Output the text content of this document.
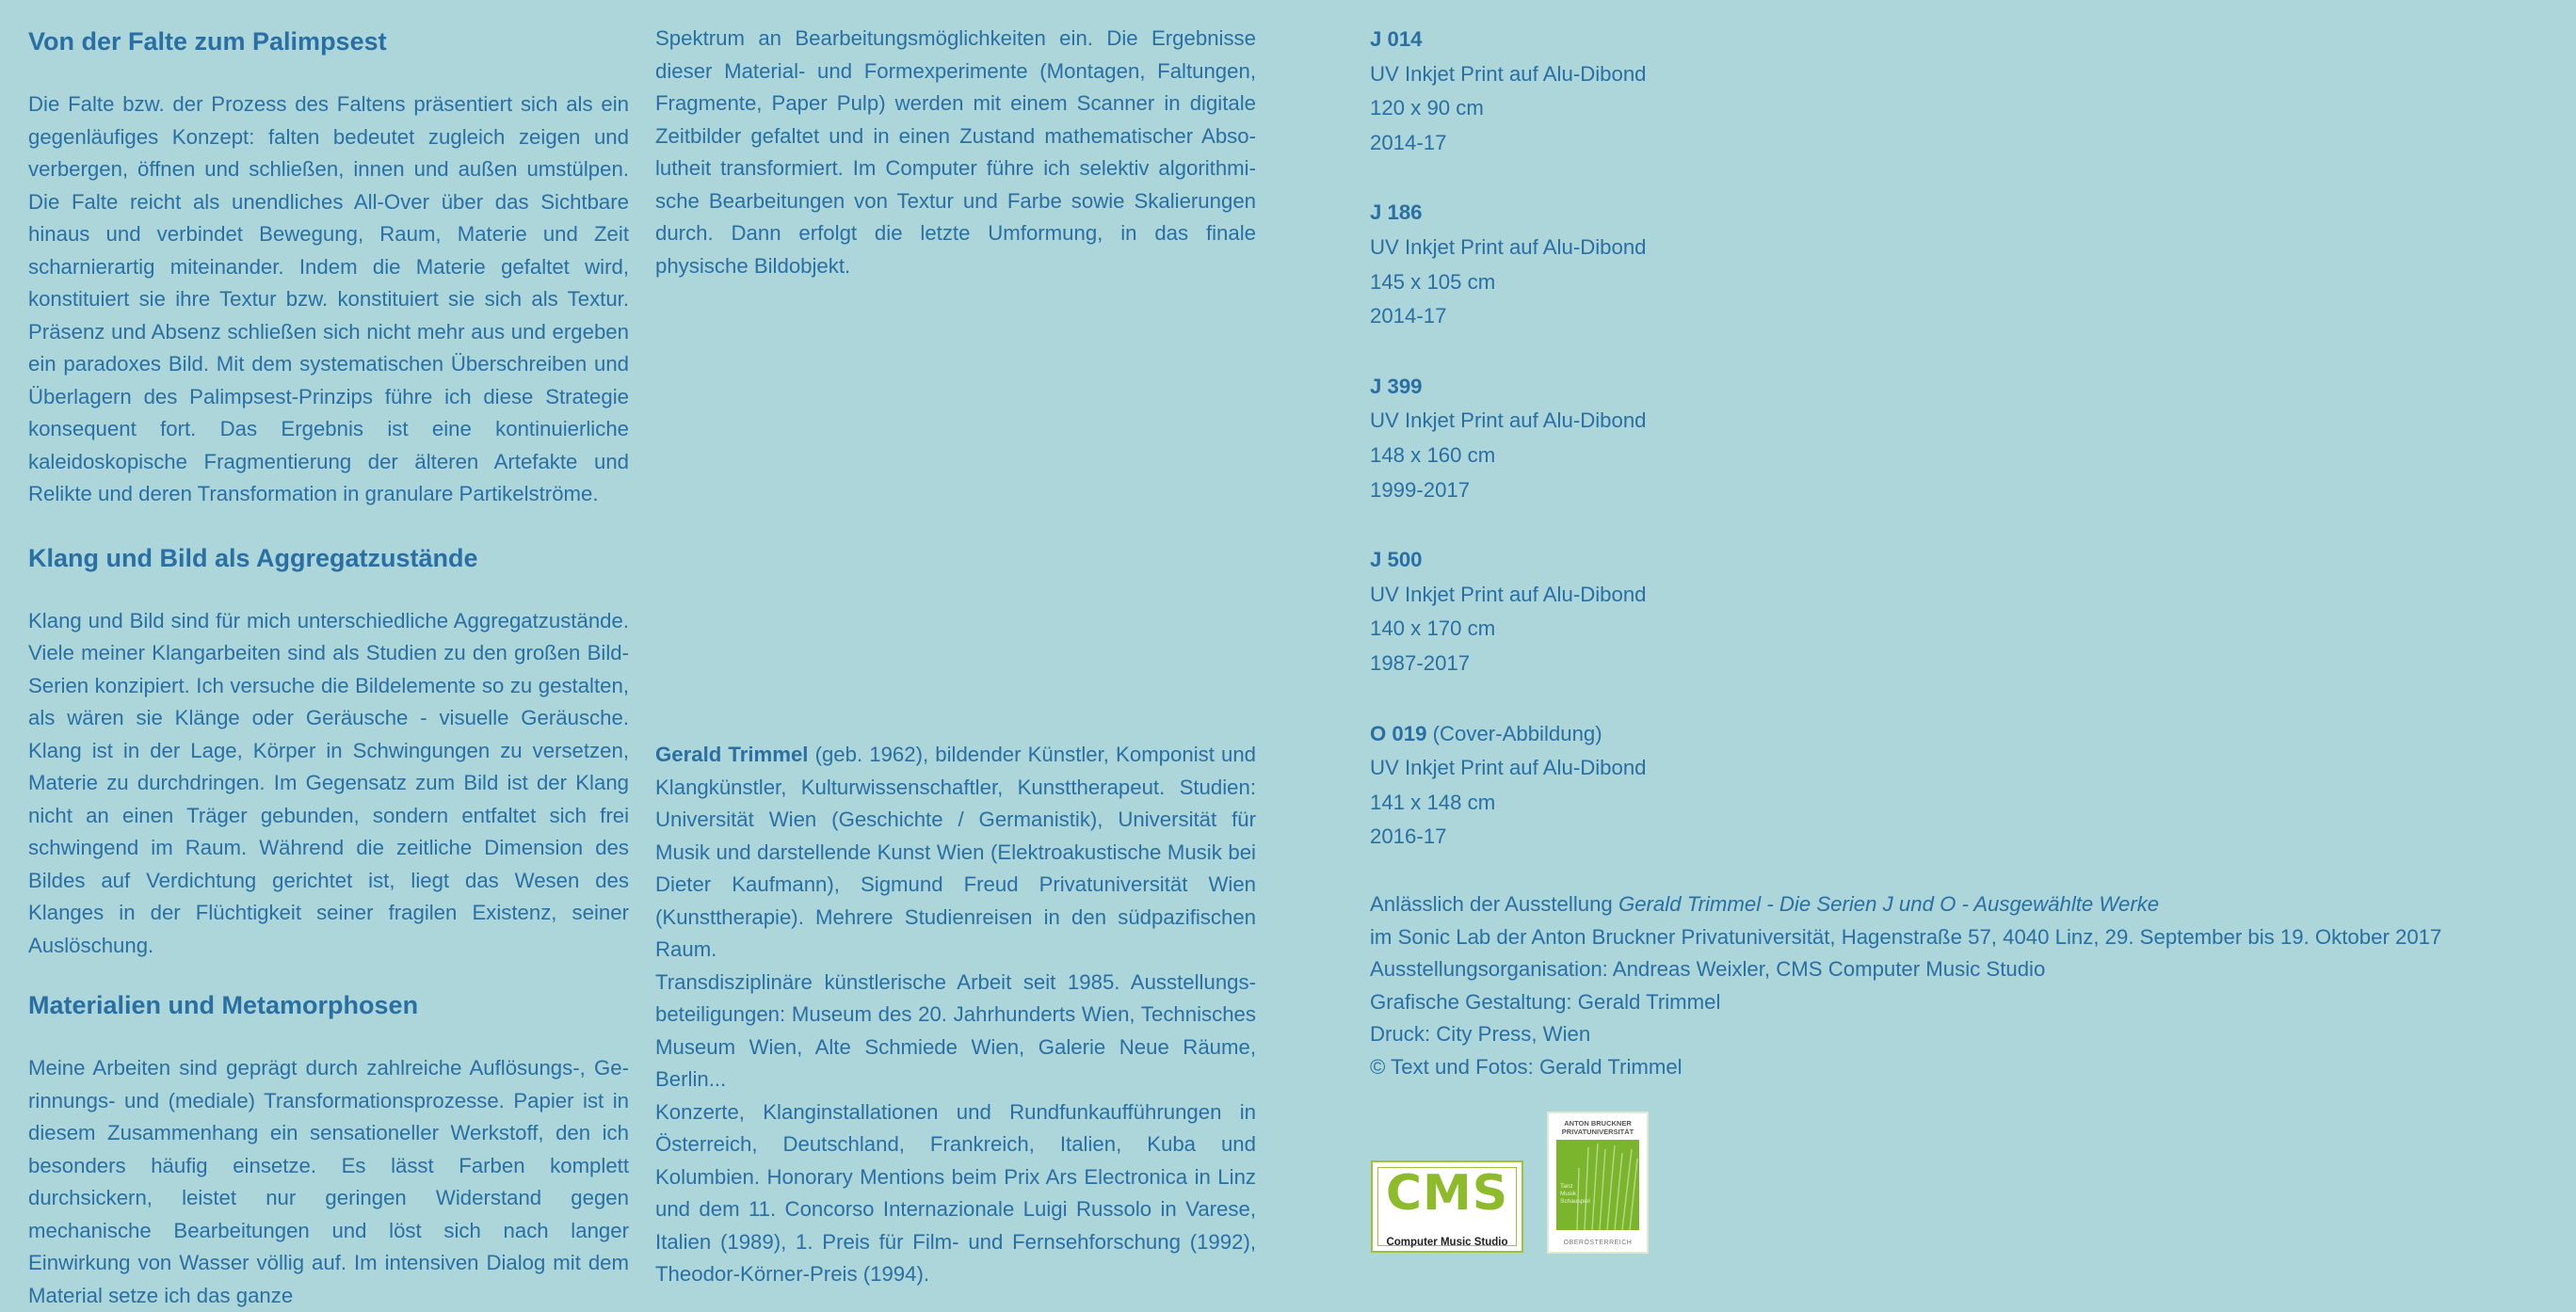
Von der Falte zum Palimpsest

Die Falte bzw. der Prozess des Faltens präsentiert sich als ein gegenläufiges Konzept: falten bedeutet zugleich zeigen und verbergen, öffnen und schließen, innen und außen umstülpen. Die Falte reicht als unendliches All-Over über das Sichtbare hinaus und verbindet Bewegung, Raum, Materie und Zeit scharnierartig miteinander. Indem die Materie gefaltet wird, konstituiert sie ihre Textur bzw. konstituiert sie sich als Textur. Präsenz und Absenz schließen sich nicht mehr aus und ergeben ein paradoxes Bild. Mit dem systematischen Überschreiben und Überlagern des Palimpsest-Prinzips führe ich diese Strategie konsequent fort. Das Ergebnis ist eine kontinuierliche kaleidoskopische Fragmentierung der älteren Artefakte und Relikte und deren Transformation in granulare Partikelströme.

Klang und Bild als Aggregatzustände

Klang und Bild sind für mich unterschiedliche Aggregatzustände. Viele meiner Klangarbeiten sind als Studien zu den großen Bild-Serien konzipiert. Ich versuche die Bildelemente so zu gestalten, als wären sie Klänge oder Geräusche - visuelle Geräusche. Klang ist in der Lage, Körper in Schwingungen zu versetzen, Materie zu durchdringen. Im Gegensatz zum Bild ist der Klang nicht an einen Träger gebunden, sondern entfaltet sich frei schwingend im Raum. Während die zeitliche Dimension des Bildes auf Verdichtung gerichtet ist, liegt das Wesen des Klanges in der Flüchtigkeit seiner fragilen Existenz, seiner Auslöschung.

Materialien und Metamorphosen

Meine Arbeiten sind geprägt durch zahlreiche Auflösungs-, Gerinnungs- und (mediale) Transformationsprozesse. Papier ist in diesem Zusammenhang ein sensationeller Werkstoff, den ich besonders häufig einsetze. Es lässt Farben komplett durchsickern, leistet nur geringen Widerstand gegen mechanische Bearbeitungen und löst sich nach langer Einwirkung von Wasser völlig auf. Im intensiven Dialog mit dem Material setze ich das ganze

Spektrum an Bearbeitungsmöglichkeiten ein. Die Ergebnisse dieser Material- und Formexperimente (Montagen, Faltungen, Fragmente, Paper Pulp) werden mit einem Scanner in digitale Zeitbilder gefaltet und in einen Zustand mathematischer Absolutheit transformiert. Im Computer führe ich selektiv algorithmische Bearbeitungen von Textur und Farbe sowie Skalierungen durch. Dann erfolgt die letzte Umformung, in das finale physische Bildobjekt.

Gerald Trimmel (geb. 1962), bildender Künstler, Komponist und Klangkünstler, Kulturwissenschaftler, Kunsttherapeut. Studien: Universität Wien (Geschichte / Germanistik), Universität für Musik und darstellende Kunst Wien (Elektroakustische Musik bei Dieter Kaufmann), Sigmund Freud Privatuniversität Wien (Kunsttherapie). Mehrere Studienreisen in den südpazifischen Raum.

Transdisziplinäre künstlerische Arbeit seit 1985. Ausstellungsbeteiligungen: Museum des 20. Jahrhunderts Wien, Technisches Museum Wien, Alte Schmiede Wien, Galerie Neue Räume, Berlin...

Konzerte, Klanginstallationen und Rundfunkaufführungen in Österreich, Deutschland, Frankreich, Italien, Kuba und Kolumbien. Honorary Mentions beim Prix Ars Electronica in Linz und dem 11. Concorso Internazionale Luigi Russolo in Varese, Italien (1989), 1. Preis für Film- und Fernsehforschung (1992), Theodor-Körner-Preis (1994).

J 014
UV Inkjet Print auf Alu-Dibond
120 x 90 cm
2014-17
J 186
UV Inkjet Print auf Alu-Dibond
145 x 105 cm
2014-17
J 399
UV Inkjet Print auf Alu-Dibond
148 x 160 cm
1999-2017
J 500
UV Inkjet Print auf Alu-Dibond
140 x 170 cm
1987-2017
O 019 (Cover-Abbildung)
UV Inkjet Print auf Alu-Dibond
141 x 148 cm
2016-17
Anlässlich der Ausstellung Gerald Trimmel - Die Serien J und O - Ausgewählte Werke
im Sonic Lab der Anton Bruckner Privatuniversität, Hagenstraße 57, 4040 Linz, 29. September bis 19. Oktober 2017
Ausstellungsorganisation: Andreas Weixler, CMS Computer Music Studio
Grafische Gestaltung: Gerald Trimmel
Druck: City Press, Wien
© Text und Fotos: Gerald Trimmel
CMS
Computer Music Studio
ANTON BRUCKNER PRIVATUNIVERSITÄT
Tanz
Musik
Schauspiel
OBERÖSTERREICH
